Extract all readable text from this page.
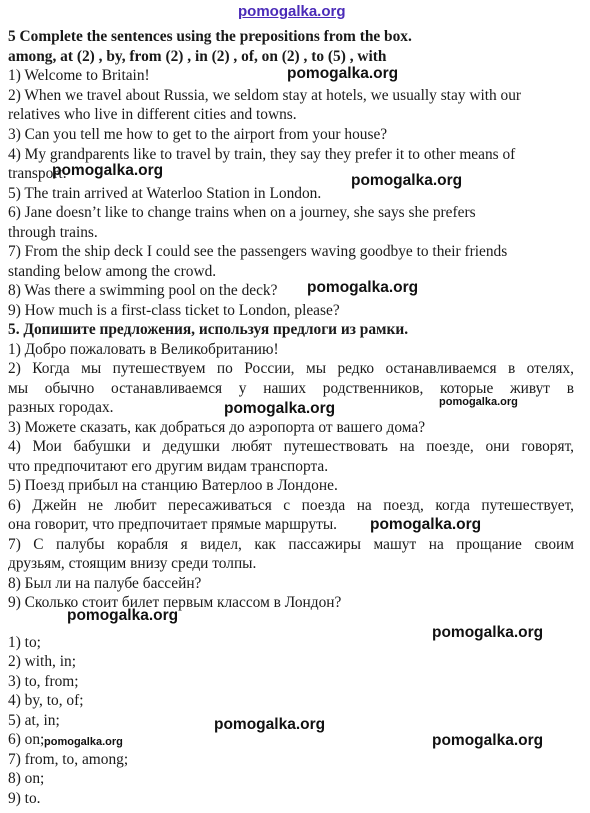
pomogalka.org
5 Complete the sentences using the prepositions from the box.
among, at (2) , by, from (2) , in (2) , of, on (2) , to (5) , with
1) Welcome to Britain!
2) When we travel about Russia, we seldom stay at hotels, we usually stay with our
relatives who live in different cities and towns.
3) Can you tell me how to get to the airport from your house?
4) My grandparents like to travel by train, they say they prefer it to other means of
transport.
5) The train arrived at Waterloo Station in London.
6) Jane doesn’t like to change trains when on a journey, she says she prefers
through trains.
7) From the ship deck I could see the passengers waving goodbye to their friends
standing below among the crowd.
8) Was there a swimming pool on the deck?
9) How much is a first-class ticket to London, please?
5. Допишите предложения, используя предлоги из рамки.
1) Добро пожаловать в Великобританию!
2) Когда мы путешествуем по России, мы редко останавливаемся в отелях,
мы обычно останавливаемся у наших родственников, которые живут в
разных городах.
3) Можете сказать, как добраться до аэропорта от вашего дома?
4) Мои бабушки и дедушки любят путешествовать на поезде, они говорят,
что предпочитают его другим видам транспорта.
5) Поезд прибыл на станцию Ватерлоо в Лондоне.
6) Джейн не любит пересаживаться с поезда на поезд, когда путешествует,
она говорит, что предпочитает прямые маршруты.
7) С палубы корабля я видел, как пассажиры машут на прощание своим
друзьям, стоящим внизу среди толпы.
8) Был ли на палубе бассейн?
9) Сколько стоит билет первым классом в Лондон?
1) to;
2) with, in;
3) to, from;
4) by, to, of;
5) at, in;
6) on;
7) from, to, among;
8) on;
9) to.
pomogalka.org
pomogalka.org
pomogalka.org
pomogalka.org
pomogalka.org	pomogalka.org
pomogalka.org
pomogalka.org
pomogalka.org
pomogalka.org
pomogalka.org
pomogalka.org
